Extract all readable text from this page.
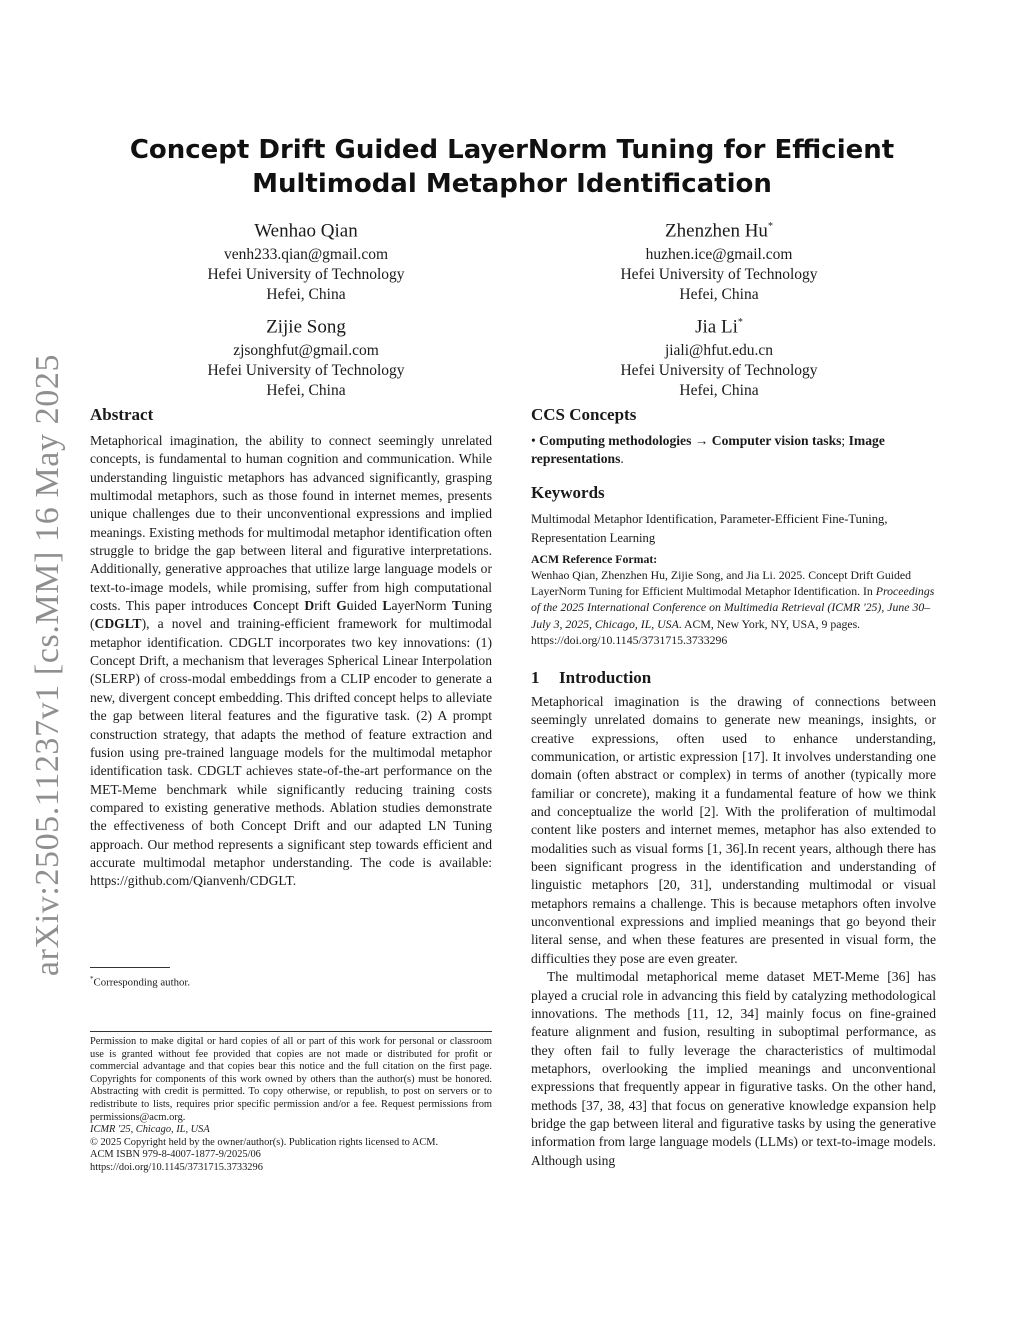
arXiv:2505.11237v1 [cs.MM] 16 May 2025
Concept Drift Guided LayerNorm Tuning for Efficient Multimodal Metaphor Identification
Wenhao Qian
venh233.qian@gmail.com
Hefei University of Technology
Hefei, China
Zhenzhen Hu*
huzhen.ice@gmail.com
Hefei University of Technology
Hefei, China
Zijie Song
zjsonghfut@gmail.com
Hefei University of Technology
Hefei, China
Jia Li*
jiali@hfut.edu.cn
Hefei University of Technology
Hefei, China
Abstract

Metaphorical imagination, the ability to connect seemingly unrelated concepts, is fundamental to human cognition and communication. While understanding linguistic metaphors has advanced significantly, grasping multimodal metaphors, such as those found in internet memes, presents unique challenges due to their unconventional expressions and implied meanings. Existing methods for multimodal metaphor identification often struggle to bridge the gap between literal and figurative interpretations. Additionally, generative approaches that utilize large language models or text-to-image models, while promising, suffer from high computational costs. This paper introduces Concept Drift Guided LayerNorm Tuning (CDGLT), a novel and training-efficient framework for multimodal metaphor identification. CDGLT incorporates two key innovations: (1) Concept Drift, a mechanism that leverages Spherical Linear Interpolation (SLERP) of cross-modal embeddings from a CLIP encoder to generate a new, divergent concept embedding. This drifted concept helps to alleviate the gap between literal features and the figurative task. (2) A prompt construction strategy, that adapts the method of feature extraction and fusion using pre-trained language models for the multimodal metaphor identification task. CDGLT achieves state-of-the-art performance on the MET-Meme benchmark while significantly reducing training costs compared to existing generative methods. Ablation studies demonstrate the effectiveness of both Concept Drift and our adapted LN Tuning approach. Our method represents a significant step towards efficient and accurate multimodal metaphor understanding. The code is available: https://github.com/Qianvenh/CDGLT.

*Corresponding author.

Permission to make digital or hard copies of all or part of this work for personal or classroom use is granted without fee provided that copies are not made or distributed for profit or commercial advantage and that copies bear this notice and the full citation on the first page. Copyrights for components of this work owned by others than the author(s) must be honored. Abstracting with credit is permitted. To copy otherwise, or republish, to post on servers or to redistribute to lists, requires prior specific permission and/or a fee. Request permissions from permissions@acm.org.

ICMR '25, Chicago, IL, USA

© 2025 Copyright held by the owner/author(s). Publication rights licensed to ACM.

ACM ISBN 979-8-4007-1877-9/2025/06

https://doi.org/10.1145/3731715.3733296

CCS Concepts

• Computing methodologies → Computer vision tasks; Image representations.

Keywords

Multimodal Metaphor Identification, Parameter-Efficient Fine-Tuning, Representation Learning

ACM Reference Format:

Wenhao Qian, Zhenzhen Hu, Zijie Song, and Jia Li. 2025. Concept Drift Guided LayerNorm Tuning for Efficient Multimodal Metaphor Identification. In Proceedings of the 2025 International Conference on Multimedia Retrieval (ICMR '25), June 30–July 3, 2025, Chicago, IL, USA. ACM, New York, NY, USA, 9 pages. https://doi.org/10.1145/3731715.3733296

1 Introduction

Metaphorical imagination is the drawing of connections between seemingly unrelated domains to generate new meanings, insights, or creative expressions, often used to enhance understanding, communication, or artistic expression [17]. It involves understanding one domain (often abstract or complex) in terms of another (typically more familiar or concrete), making it a fundamental feature of how we think and conceptualize the world [2]. With the proliferation of multimodal content like posters and internet memes, metaphor has also extended to modalities such as visual forms [1, 36].In recent years, although there has been significant progress in the identification and understanding of linguistic metaphors [20, 31], understanding multimodal or visual metaphors remains a challenge. This is because metaphors often involve unconventional expressions and implied meanings that go beyond their literal sense, and when these features are presented in visual form, the difficulties they pose are even greater.

The multimodal metaphorical meme dataset MET-Meme [36] has played a crucial role in advancing this field by catalyzing methodological innovations. The methods [11, 12, 34] mainly focus on fine-grained feature alignment and fusion, resulting in suboptimal performance, as they often fail to fully leverage the characteristics of multimodal metaphors, overlooking the implied meanings and unconventional expressions that frequently appear in figurative tasks. On the other hand, methods [37, 38, 43] that focus on generative knowledge expansion help bridge the gap between literal and figurative tasks by using the generative information from large language models (LLMs) or text-to-image models. Although using
